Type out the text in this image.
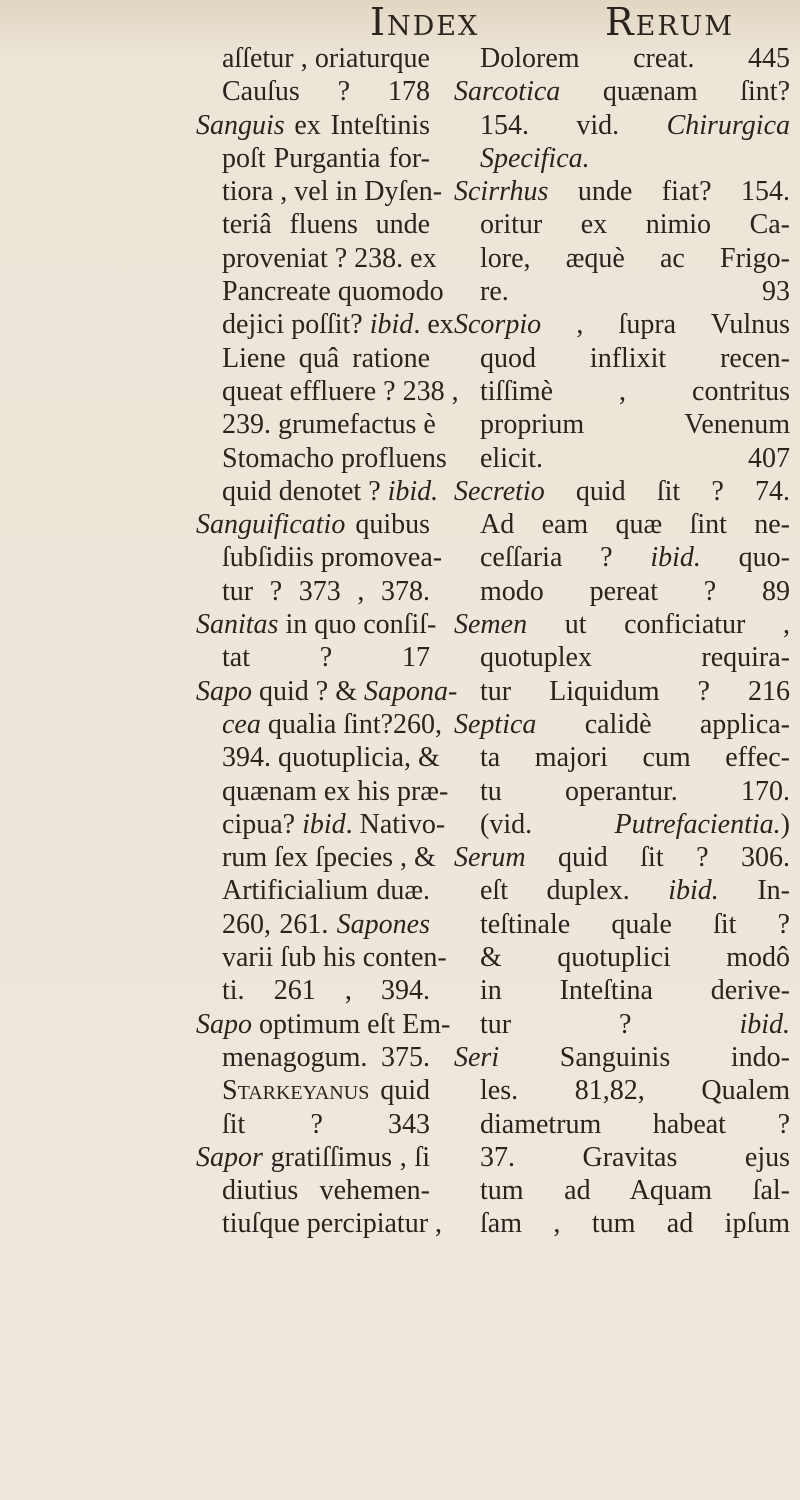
Index	Rerum
aſſetur , oriaturque
Cauſus ? 178
Sanguis ex Inteſtinis
poſt Purgantia for-
tiora , vel in Dyſen-
teriâ fluens unde
proveniat ? 238. ex
Pancreate quomodo
dejici poſſit? ibid. ex
Liene quâ ratione
queat effluere ? 238 ,
239. grumefactus è
Stomacho profluens
quid denotet ? ibid.
Sanguificatio quibus
ſubſidiis promovea-
tur ? 373 , 378.
Sanitas in quo conſiſ-
tat ? 17
Sapo quid ? & Sapona-
cea qualia ſint?260,
394. quotuplicia, &
quænam ex his præ-
cipua? ibid. Nativo-
rum ſex ſpecies , &
Artificialium duæ.
260, 261. Sapones
varii ſub his conten-
ti. 261 , 394.
Sapo optimum eſt Em-
menagogum. 375.
Starkeyanus quid
ſit ? 343
Sapor gratiſſimus , ſi
diutius vehemen-
tiuſque percipiatur ,
Dolorem creat. 445
Sarcotica quænam ſint?
154. vid. Chirurgica
Specifica.
Scirrhus unde fiat? 154.
oritur ex nimio Ca-
lore, æquè ac Frigo-
re. 93
Scorpio , ſupra Vulnus
quod inflixit recen-
tiſſimè , contritus
proprium Venenum
elicit. 407
Secretio quid ſit ? 74.
Ad eam quæ ſint ne-
ceſſaria ? ibid. quo-
modo pereat ? 89
Semen ut conficiatur ,
quotuplex requira-
tur Liquidum ? 216
Septica calidè applica-
ta majori cum effec-
tu operantur. 170.
(vid. Putrefacientia.)
Serum quid ſit ? 306.
eſt duplex. ibid. In-
teſtinale quale ſit ?
& quotuplici modô
in Inteſtina derive-
tur ? ibid.
Seri Sanguinis indo-
les. 81,82, Qualem
diametrum habeat ?
37. Gravitas ejus
tum ad Aquam ſal-
ſam , tum ad ipſum
